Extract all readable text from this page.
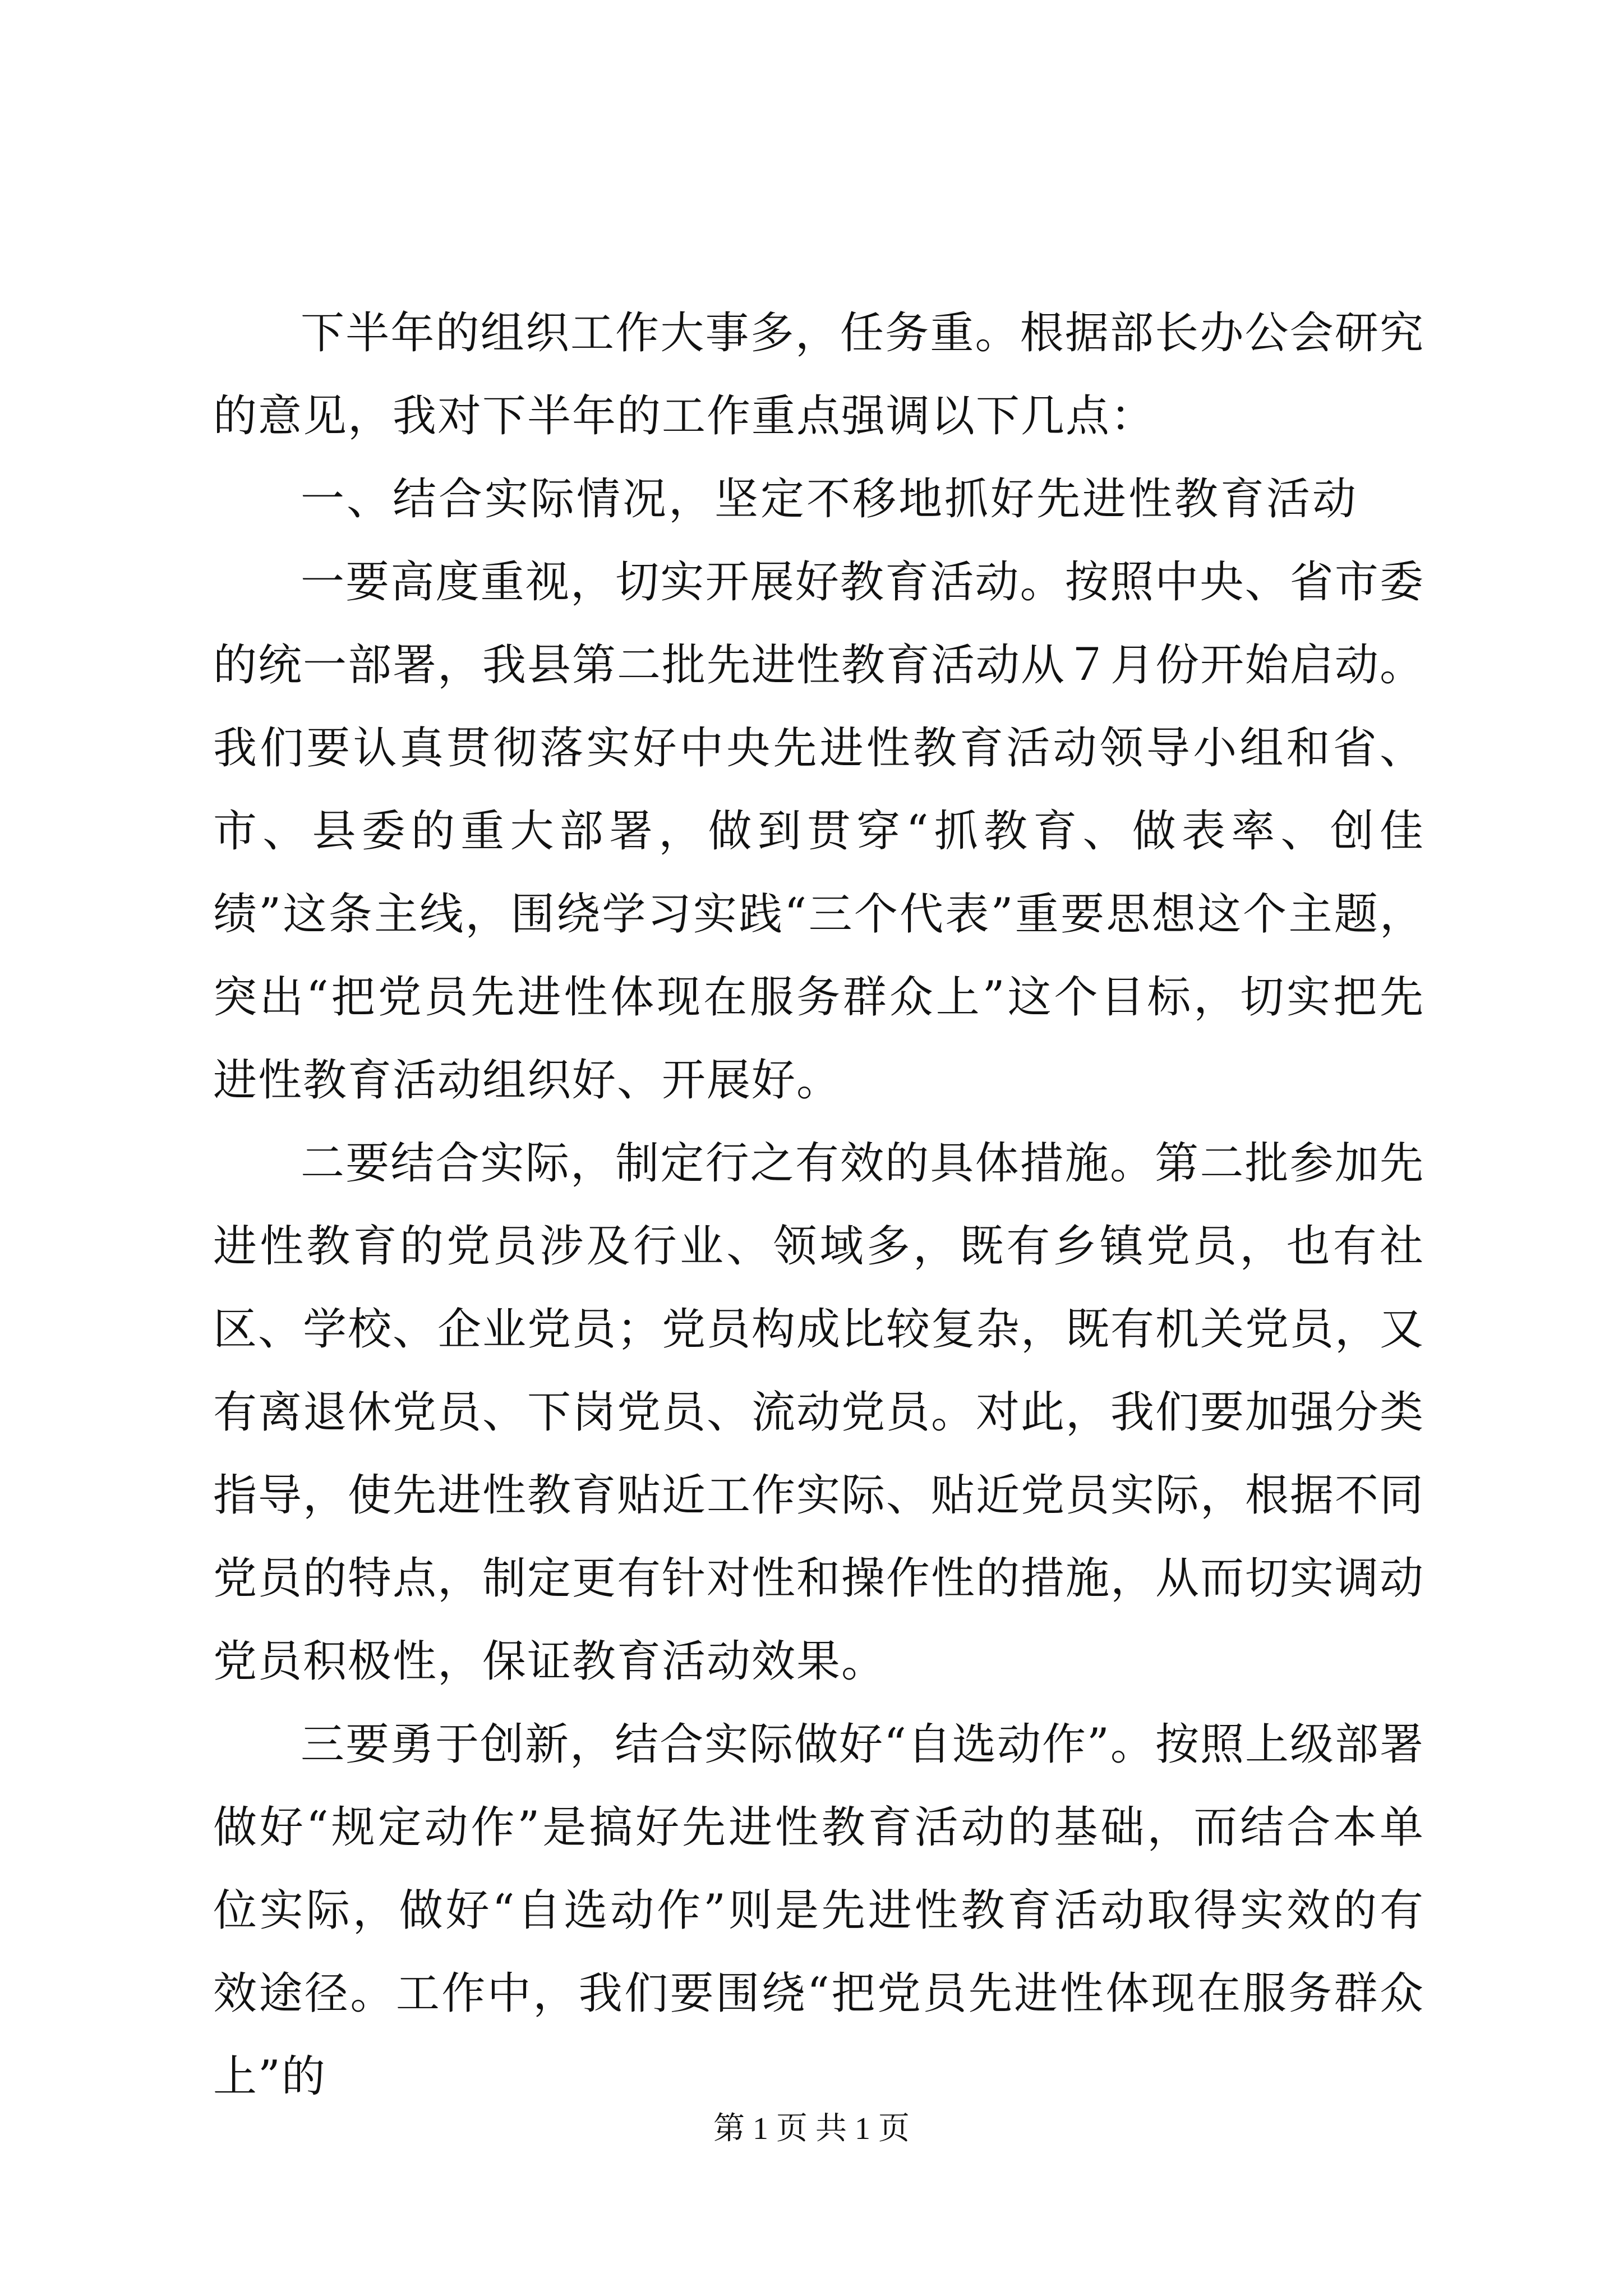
下半年的组织工作大事多，任务重。根据部长办公会研究的意见，我对下半年的工作重点强调以下几点：

一、结合实际情况，坚定不移地抓好先进性教育活动

一要高度重视，切实开展好教育活动。按照中央、省市委的统一部署，我县第二批先进性教育活动从７月份开始启动。我们要认真贯彻落实好中央先进性教育活动领导小组和省、市、县委的重大部署，做到贯穿“抓教育、做表率、创佳绩”这条主线，围绕学习实践“三个代表”重要思想这个主题，突出“把党员先进性体现在服务群众上”这个目标，切实把先进性教育活动组织好、开展好。

二要结合实际，制定行之有效的具体措施。第二批参加先进性教育的党员涉及行业、领域多，既有乡镇党员，也有社区、学校、企业党员；党员构成比较复杂，既有机关党员，又有离退休党员、下岗党员、流动党员。对此，我们要加强分类指导，使先进性教育贴近工作实际、贴近党员实际，根据不同党员的特点，制定更有针对性和操作性的措施，从而切实调动党员积极性，保证教育活动效果。

三要勇于创新，结合实际做好“自选动作”。按照上级部署做好“规定动作”是搞好先进性教育活动的基础，而结合本单位实际，做好“自选动作”则是先进性教育活动取得实效的有效途径。工作中，我们要围绕“把党员先进性体现在服务群众上”的

第 1 页 共 1 页
